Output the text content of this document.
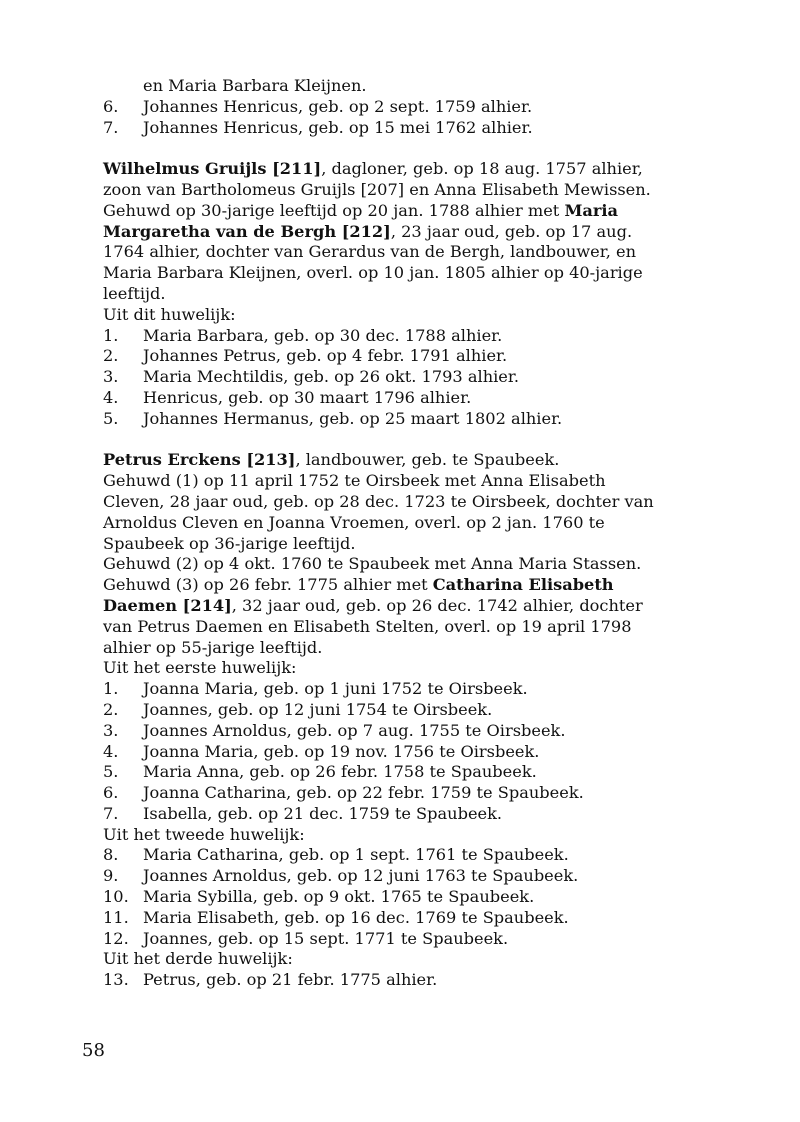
en Maria Barbara Kleijnen.
6. Johannes Henricus, geb. op 2 sept. 1759 alhier.
7. Johannes Henricus, geb. op 15 mei 1762 alhier.
Wilhelmus Gruijls [211], dagloner, geb. op 18 aug. 1757 alhier,
zoon van Bartholomeus Gruijls [207] en Anna Elisabeth Mewissen.
Gehuwd op 30-jarige leeftijd op 20 jan. 1788 alhier met Maria
Margaretha van de Bergh [212], 23 jaar oud, geb. op 17 aug.
1764 alhier, dochter van Gerardus van de Bergh, landbouwer, en
Maria Barbara Kleijnen, overl. op 10 jan. 1805 alhier op 40-jarige
leeftijd.
Uit dit huwelijk:
1. Maria Barbara, geb. op 30 dec. 1788 alhier.
2. Johannes Petrus, geb. op 4 febr. 1791 alhier.
3. Maria Mechtildis, geb. op 26 okt. 1793 alhier.
4. Henricus, geb. op 30 maart 1796 alhier.
5. Johannes Hermanus, geb. op 25 maart 1802 alhier.
Petrus Erckens [213], landbouwer, geb. te Spaubeek.
Gehuwd (1) op 11 april 1752 te Oirsbeek met Anna Elisabeth
Cleven, 28 jaar oud, geb. op 28 dec. 1723 te Oirsbeek, dochter van
Arnoldus Cleven en Joanna Vroemen, overl. op 2 jan. 1760 te
Spaubeek op 36-jarige leeftijd.
Gehuwd (2) op 4 okt. 1760 te Spaubeek met Anna Maria Stassen.
Gehuwd (3) op 26 febr. 1775 alhier met Catharina Elisabeth
Daemen [214], 32 jaar oud, geb. op 26 dec. 1742 alhier, dochter
van Petrus Daemen en Elisabeth Stelten, overl. op 19 april 1798
alhier op 55-jarige leeftijd.
Uit het eerste huwelijk:
1. Joanna Maria, geb. op 1 juni 1752 te Oirsbeek.
2. Joannes, geb. op 12 juni 1754 te Oirsbeek.
3. Joannes Arnoldus, geb. op 7 aug. 1755 te Oirsbeek.
4. Joanna Maria, geb. op 19 nov. 1756 te Oirsbeek.
5. Maria Anna, geb. op 26 febr. 1758 te Spaubeek.
6. Joanna Catharina, geb. op 22 febr. 1759 te Spaubeek.
7. Isabella, geb. op 21 dec. 1759 te Spaubeek.
Uit het tweede huwelijk:
8. Maria Catharina, geb. op 1 sept. 1761 te Spaubeek.
9. Joannes Arnoldus, geb. op 12 juni 1763 te Spaubeek.
10. Maria Sybilla, geb. op 9 okt. 1765 te Spaubeek.
11. Maria Elisabeth, geb. op 16 dec. 1769 te Spaubeek.
12. Joannes, geb. op 15 sept. 1771 te Spaubeek.
Uit het derde huwelijk:
13. Petrus, geb. op 21 febr. 1775 alhier.
58
